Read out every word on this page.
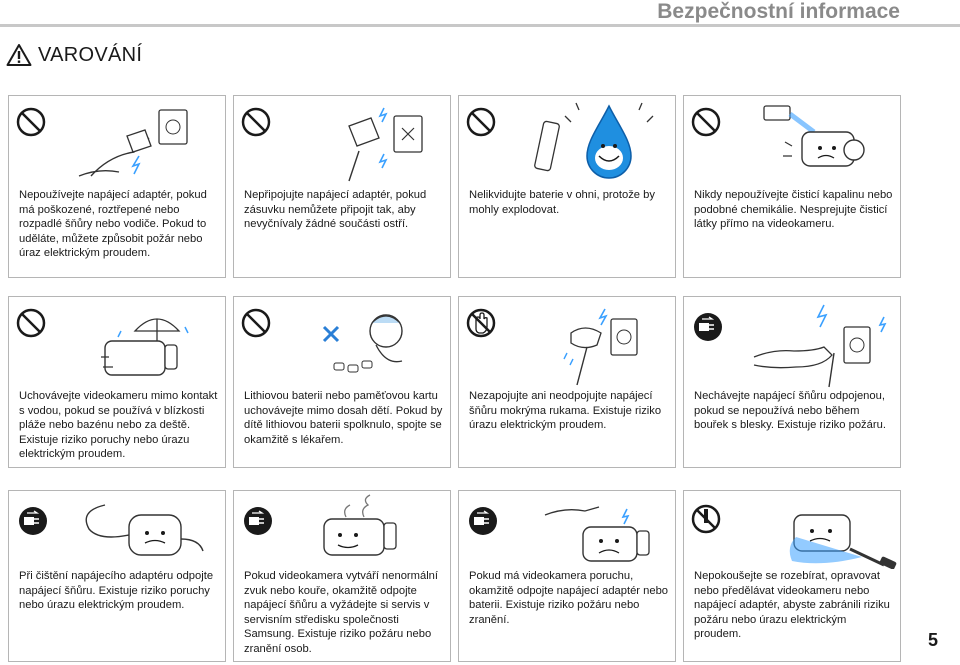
Bezpečnostní informace
VAROVÁNÍ
Nepoužívejte napájecí adaptér, pokud má poškozené, roztřepené nebo rozpadlé šňůry nebo vodiče. Pokud to uděláte, můžete způsobit požár nebo úraz elektrickým proudem.
Nepřipojujte napájecí adaptér, pokud zásuvku nemůžete připojit tak, aby nevyčnívaly žádné součásti ostří.
Nelikvidujte baterie v ohni, protože by mohly explodovat.
Nikdy nepoužívejte čisticí kapalinu nebo podobné chemikálie. Nesprejujte čisticí látky přímo na videokameru.
Uchovávejte videokameru mimo kontakt s vodou, pokud se používá v blízkosti pláže nebo bazénu nebo za deště. Existuje riziko poruchy nebo úrazu elektrickým proudem.
Lithiovou baterii nebo paměťovou kartu uchovávejte mimo dosah dětí. Pokud by dítě lithiovou baterii spolknulo, spojte se okamžitě s lékařem.
Nezapojujte ani neodpojujte napájecí šňůru mokrýma rukama. Existuje riziko úrazu elektrickým proudem.
Nechávejte napájecí šňůru odpojenou, pokud se nepoužívá nebo během bouřek s blesky. Existuje riziko požáru.
Při čištění napájecího adaptéru odpojte napájecí šňůru. Existuje riziko poruchy nebo úrazu elektrickým proudem.
Pokud videokamera vytváří nenormální zvuk nebo kouře, okamžitě odpojte napájecí šňůru a vyžádejte si servis v servisním středisku společnosti Samsung. Existuje riziko požáru nebo zranění osob.
Pokud má videokamera poruchu, okamžitě odpojte napájecí adaptér nebo baterii. Existuje riziko požáru nebo zranění.
Nepokoušejte se rozebírat, opravovat nebo předělávat videokameru nebo napájecí adaptér, abyste zabránili riziku požáru nebo úrazu elektrickým proudem.	5
